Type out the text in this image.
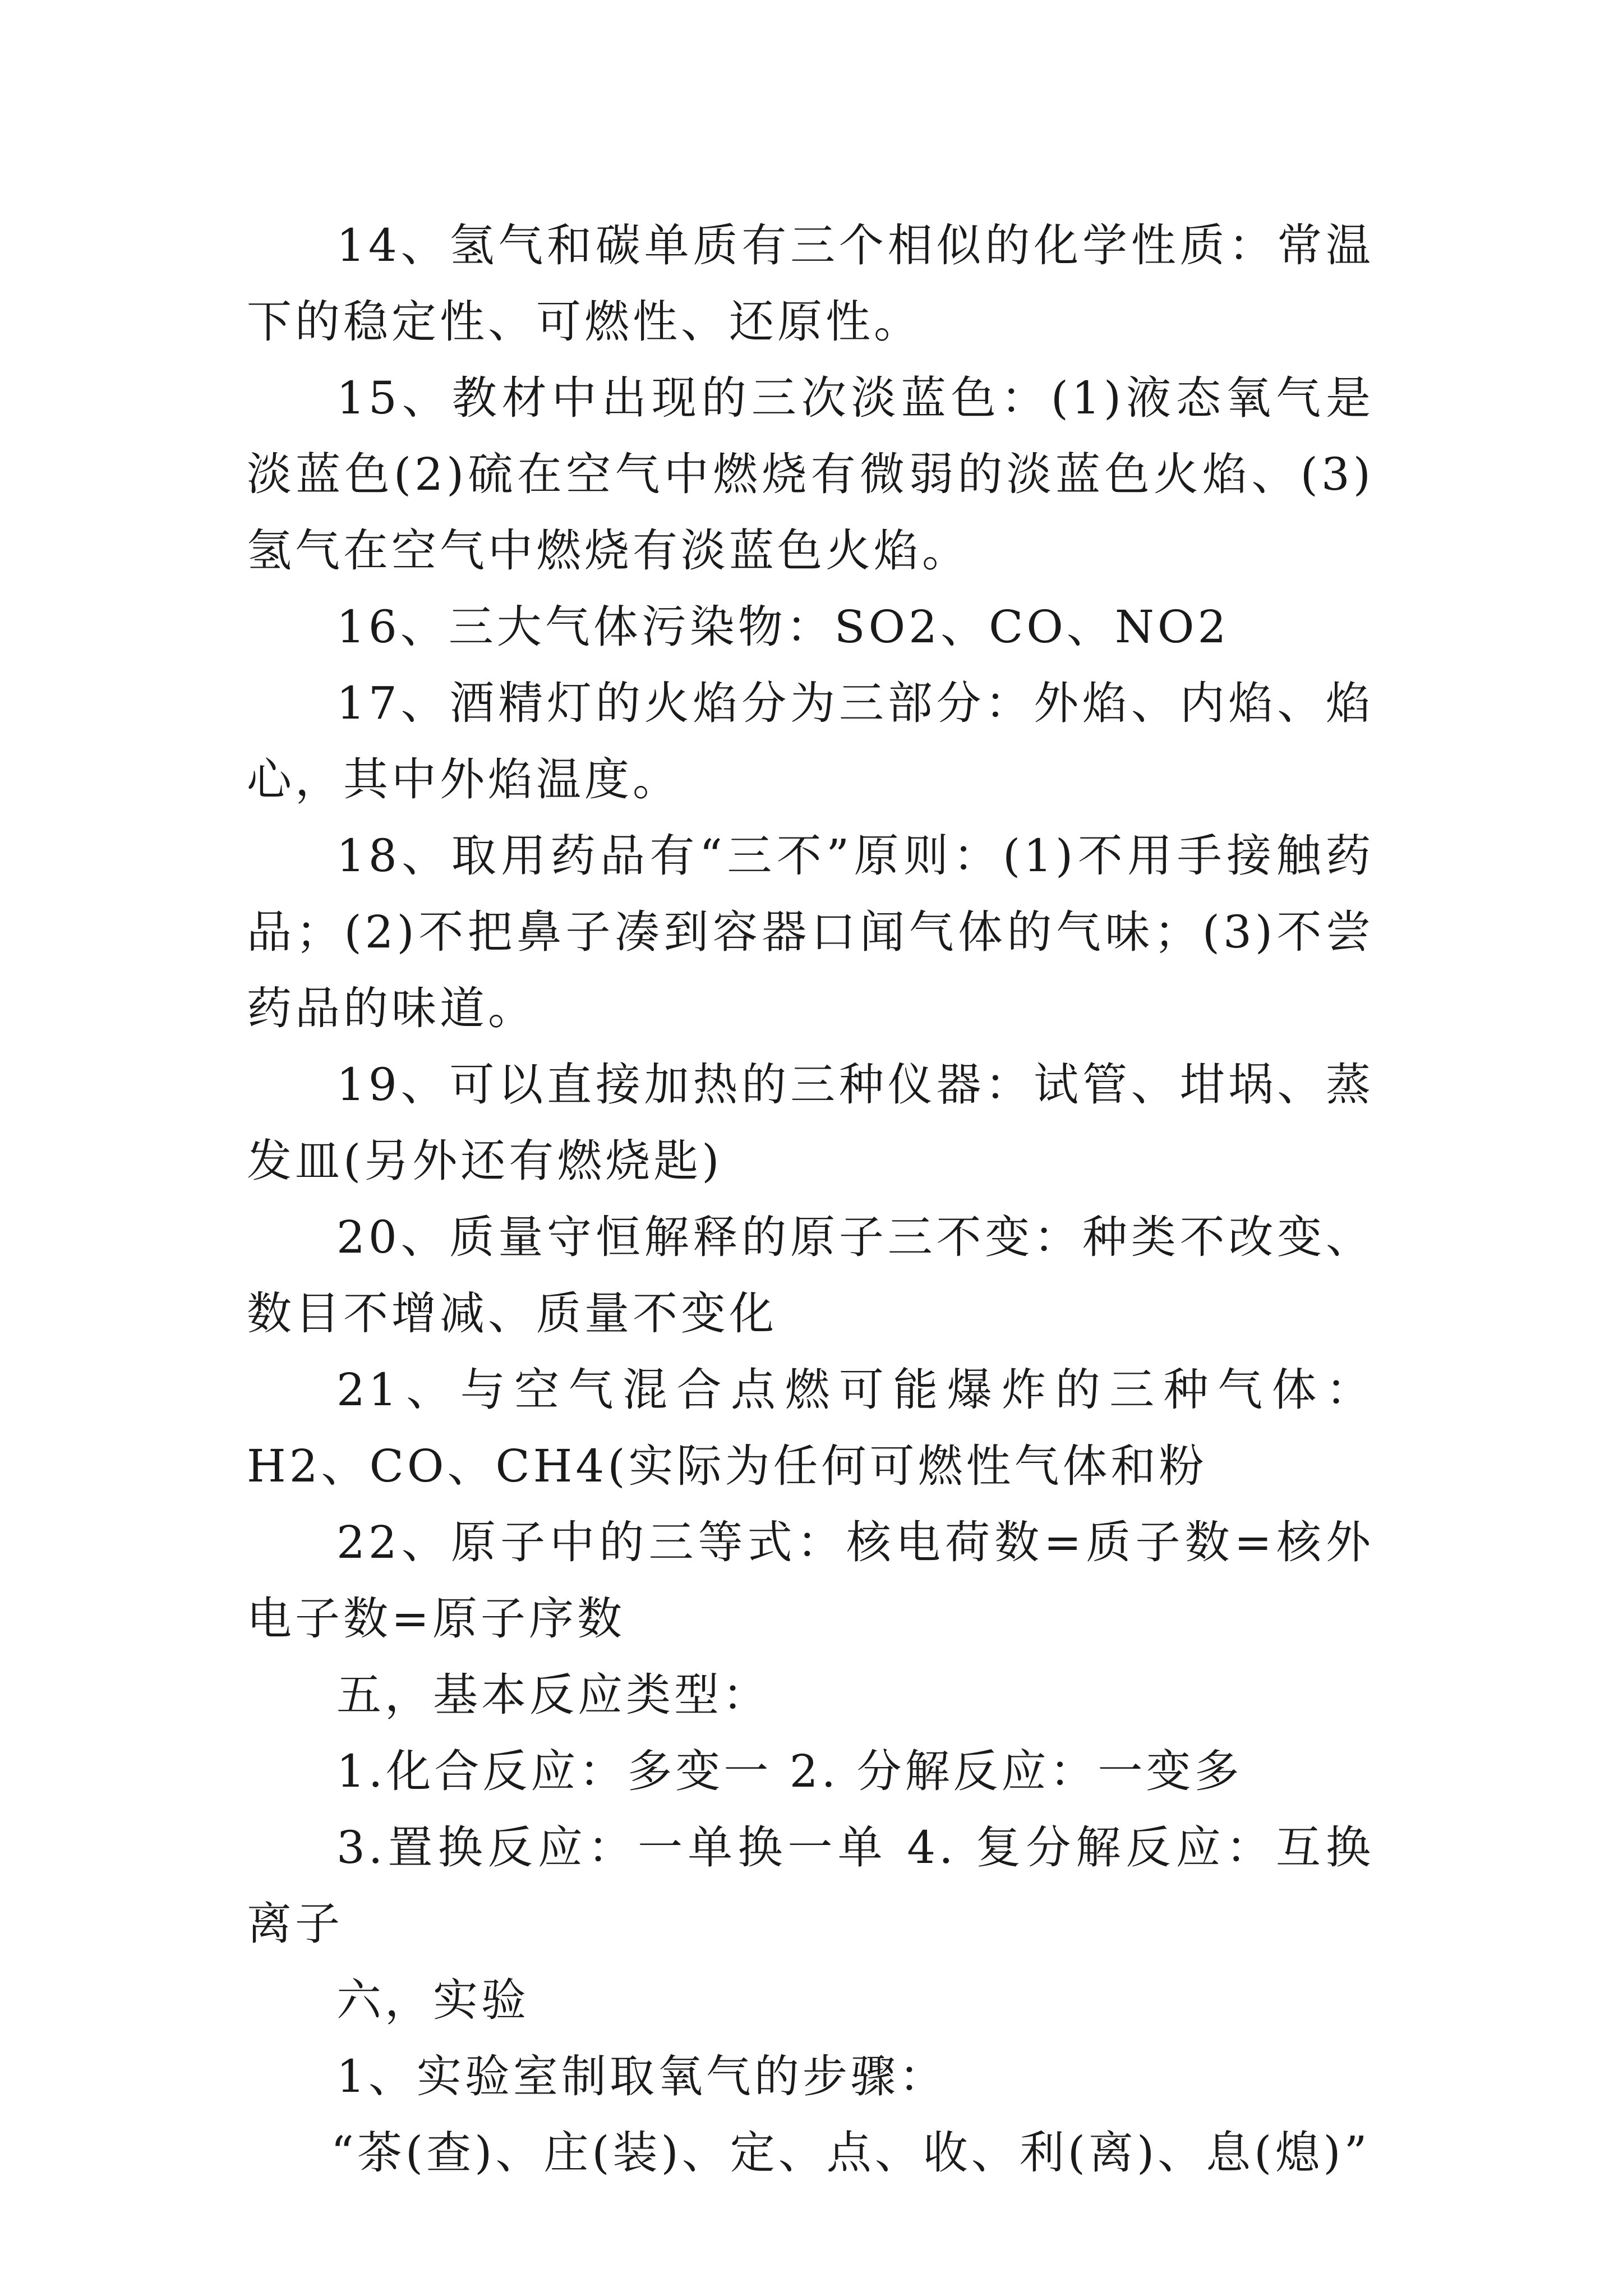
14、氢气和碳单质有三个相似的化学性质：常温下的稳定性、可燃性、还原性。

15、教材中出现的三次淡蓝色：(1)液态氧气是淡蓝色(2)硫在空气中燃烧有微弱的淡蓝色火焰、(3)氢气在空气中燃烧有淡蓝色火焰。

16、三大气体污染物：SO2、CO、NO2

17、酒精灯的火焰分为三部分：外焰、内焰、焰心，其中外焰温度。

18、取用药品有“三不”原则：(1)不用手接触药品；(2)不把鼻子凑到容器口闻气体的气味；(3)不尝药品的味道。

19、可以直接加热的三种仪器：试管、坩埚、蒸发皿(另外还有燃烧匙)

20、质量守恒解释的原子三不变：种类不改变、数目不增减、质量不变化

21、与空气混合点燃可能爆炸的三种气体：H2、CO、CH4(实际为任何可燃性气体和粉

22、原子中的三等式：核电荷数=质子数=核外电子数=原子序数

五，基本反应类型：

1.化合反应：多变一 2. 分解反应：一变多

3.置换反应：一单换一单 4. 复分解反应：互换离子

六，实验

1、实验室制取氧气的步骤：

“茶(查)、庄(装)、定、点、收、利(离)、息(熄)”
